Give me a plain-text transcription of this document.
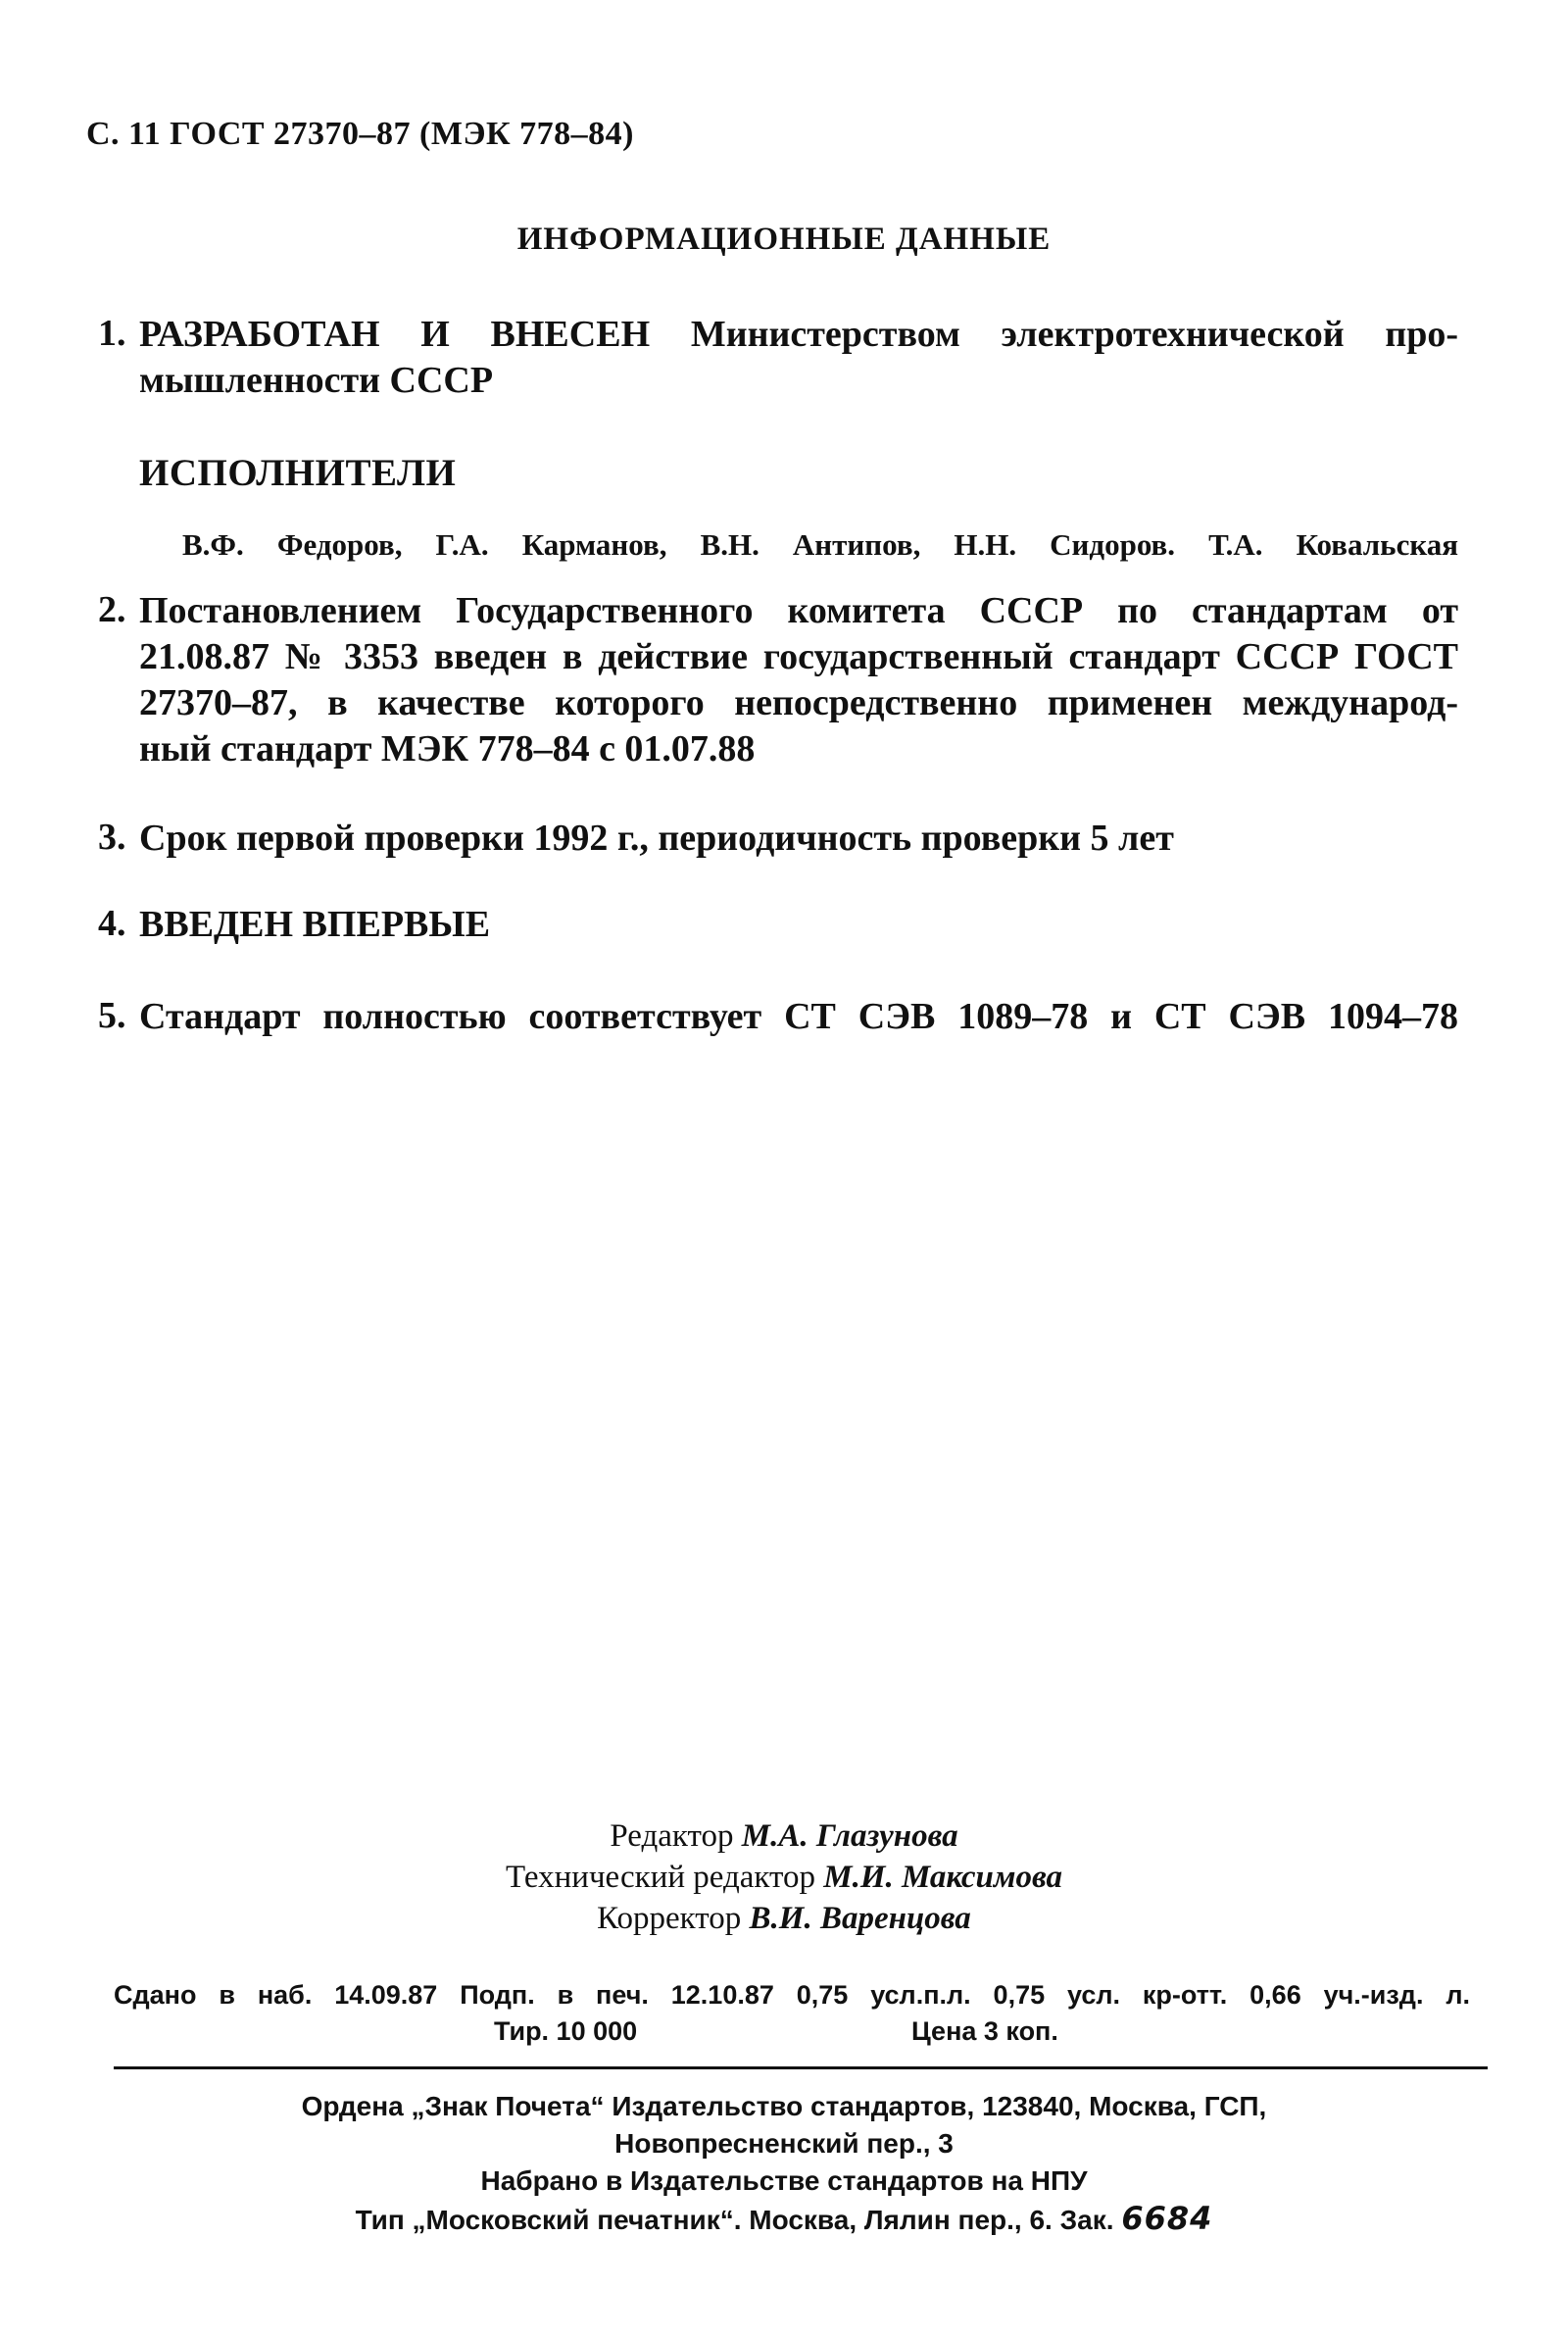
С. 11 ГОСТ 27370–87 (МЭК 778–84)
ИНФОРМАЦИОННЫЕ ДАННЫЕ
1. РАЗРАБОТАН И ВНЕСЕН Министерством электротехнической про-
мышленности СССР
ИСПОЛНИТЕЛИ
В.Ф. Федоров, Г.А. Карманов, В.Н. Антипов, Н.Н. Сидоров. Т.А. Ковальская
2. Постановлением Государственного комитета СССР по стандартам от
21.08.87 № 3353 введен в действие государственный стандарт СССР ГОСТ
27370–87, в качестве которого непосредственно применен международ-
ный стандарт МЭК 778–84 с 01.07.88
3. Срок первой проверки 1992 г., периодичность проверки 5 лет
4. ВВЕДЕН ВПЕРВЫЕ
5. Стандарт полностью соответствует СТ СЭВ 1089–78 и СТ СЭВ 1094–78
Редактор М.А. Глазунова
Технический редактор М.И. Максимова
Корректор В.И. Варенцова
Сдано в наб. 14.09.87 Подп. в печ. 12.10.87 0,75 усл.п.л. 0,75 усл. кр-отт. 0,66 уч.-изд. л.
Тир. 10 000	Цена 3 коп.
Ордена „Знак Почета“ Издательство стандартов, 123840, Москва, ГСП,
Новопресненский пер., 3
Набрано в Издательстве стандартов на НПУ
Тип „Московский печатник“. Москва, Лялин пер., 6. Зак. 6684
